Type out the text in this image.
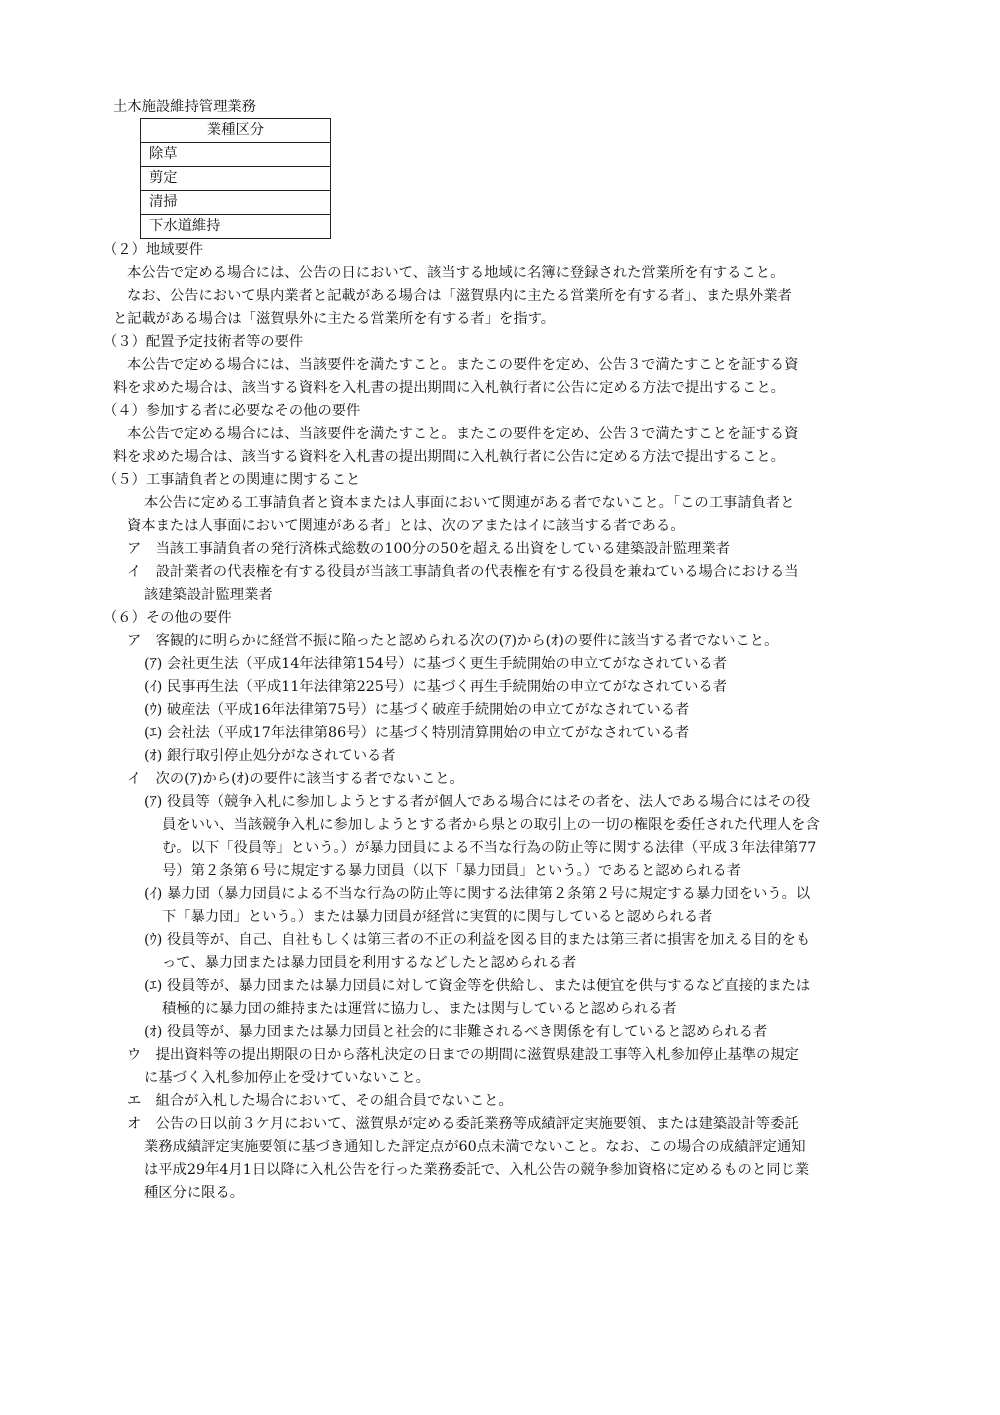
土木施設維持管理業務
業種区分
除草
剪定
清掃
下水道維持
（２）地域要件
本公告で定める場合には、公告の日において、該当する地域に名簿に登録された営業所を有すること。
なお、公告において県内業者と記載がある場合は「滋賀県内に主たる営業所を有する者」、また県外業者
と記載がある場合は「滋賀県外に主たる営業所を有する者」を指す。
（３）配置予定技術者等の要件
本公告で定める場合には、当該要件を満たすこと。またこの要件を定め、公告３で満たすことを証する資
料を求めた場合は、該当する資料を入札書の提出期間に入札執行者に公告に定める方法で提出すること。
（４）参加する者に必要なその他の要件
本公告で定める場合には、当該要件を満たすこと。またこの要件を定め、公告３で満たすことを証する資
料を求めた場合は、該当する資料を入札書の提出期間に入札執行者に公告に定める方法で提出すること。
（５）工事請負者との関連に関すること
本公告に定める工事請負者と資本または人事面において関連がある者でないこと。「この工事請負者と
資本または人事面において関連がある者」とは、次のアまたはイに該当する者である。
ア　当該工事請負者の発行済株式総数の100分の50を超える出資をしている建築設計監理業者
イ　設計業者の代表権を有する役員が当該工事請負者の代表権を有する役員を兼ねている場合における当
該建築設計監理業者
（６）その他の要件
ア　客観的に明らかに経営不振に陥ったと認められる次の(ｱ)から(ｵ)の要件に該当する者でないこと。
(ｱ) 会社更生法（平成14年法律第154号）に基づく更生手続開始の申立てがなされている者
(ｲ) 民事再生法（平成11年法律第225号）に基づく再生手続開始の申立てがなされている者
(ｳ) 破産法（平成16年法律第75号）に基づく破産手続開始の申立てがなされている者
(ｴ) 会社法（平成17年法律第86号）に基づく特別清算開始の申立てがなされている者
(ｵ) 銀行取引停止処分がなされている者
イ　次の(ｱ)から(ｵ)の要件に該当する者でないこと。
(ｱ) 役員等（競争入札に参加しようとする者が個人である場合にはその者を、法人である場合にはその役
員をいい、当該競争入札に参加しようとする者から県との取引上の一切の権限を委任された代理人を含
む。以下「役員等」という。）が暴力団員による不当な行為の防止等に関する法律（平成３年法律第77
号）第２条第６号に規定する暴力団員（以下「暴力団員」という。）であると認められる者
(ｲ) 暴力団（暴力団員による不当な行為の防止等に関する法律第２条第２号に規定する暴力団をいう。以
下「暴力団」という。）または暴力団員が経営に実質的に関与していると認められる者
(ｳ) 役員等が、自己、自社もしくは第三者の不正の利益を図る目的または第三者に損害を加える目的をも
って、暴力団または暴力団員を利用するなどしたと認められる者
(ｴ) 役員等が、暴力団または暴力団員に対して資金等を供給し、または便宜を供与するなど直接的または
積極的に暴力団の維持または運営に協力し、または関与していると認められる者
(ｵ) 役員等が、暴力団または暴力団員と社会的に非難されるべき関係を有していると認められる者
ウ　提出資料等の提出期限の日から落札決定の日までの期間に滋賀県建設工事等入札参加停止基準の規定
に基づく入札参加停止を受けていないこと。
エ　組合が入札した場合において、その組合員でないこと。
オ　公告の日以前３ケ月において、滋賀県が定める委託業務等成績評定実施要領、または建築設計等委託
業務成績評定実施要領に基づき通知した評定点が60点未満でないこと。なお、この場合の成績評定通知
は平成29年4月1日以降に入札公告を行った業務委託で、入札公告の競争参加資格に定めるものと同じ業
種区分に限る。
